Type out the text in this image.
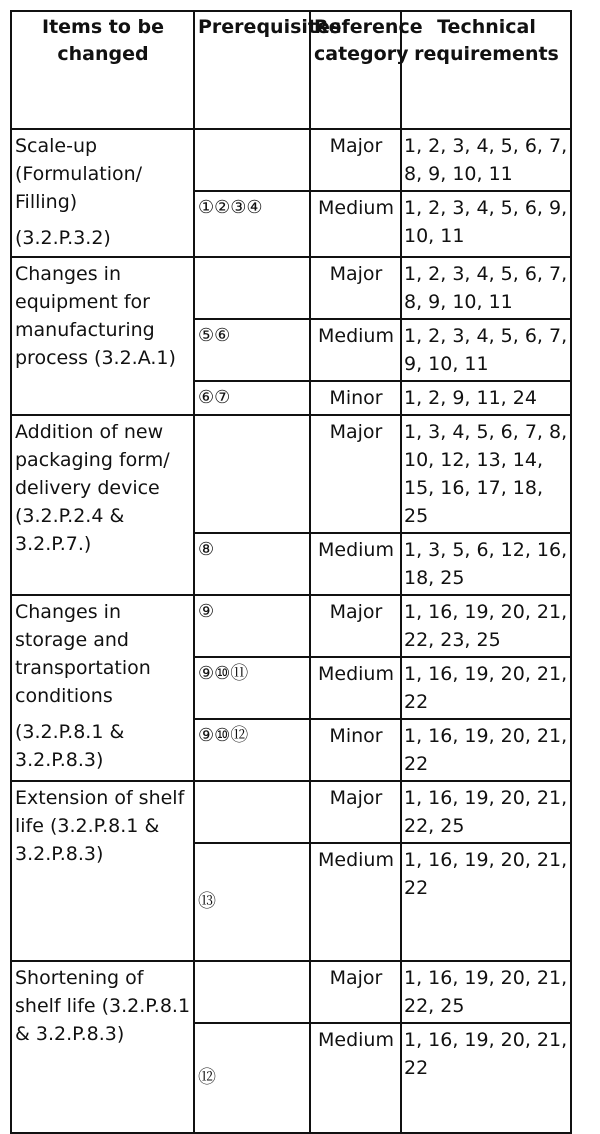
Items to be changed	Prerequisites	Reference category	Technical requirements

Scale-up (Formulation/ Filling)
(3.2.P.3.2)		Major	1, 2, 3, 4, 5, 6, 7, 8, 9, 10, 11
	①②③④	Medium	1, 2, 3, 4, 5, 6, 9, 10, 11

Changes in equipment for manufacturing process (3.2.A.1)		Major	1, 2, 3, 4, 5, 6, 7, 8, 9, 10, 11
	⑤⑥	Medium	1, 2, 3, 4, 5, 6, 7, 9, 10, 11
	⑥⑦	Minor	1, 2, 9, 11, 24

Addition of new packaging form/ delivery device (3.2.P.2.4 & 3.2.P.7.)		Major	1, 3, 4, 5, 6, 7, 8, 10, 12, 13, 14, 15, 16, 17, 18, 25
	⑧	Medium	1, 3, 5, 6, 12, 16, 18, 25

Changes in storage and transportation conditions
(3.2.P.8.1 & 3.2.P.8.3)	⑨	Major	1, 16, 19, 20, 21, 22, 23, 25
	⑨⑩⑪	Medium	1, 16, 19, 20, 21, 22
	⑨⑩⑫	Minor	1, 16, 19, 20, 21, 22

Extension of shelf life (3.2.P.8.1 & 3.2.P.8.3)		Major	1, 16, 19, 20, 21, 22, 25
	⑬	Medium	1, 16, 19, 20, 21, 22

Shortening of shelf life (3.2.P.8.1 & 3.2.P.8.3)		Major	1, 16, 19, 20, 21, 22, 25
	⑫	Medium	1, 16, 19, 20, 21, 22
